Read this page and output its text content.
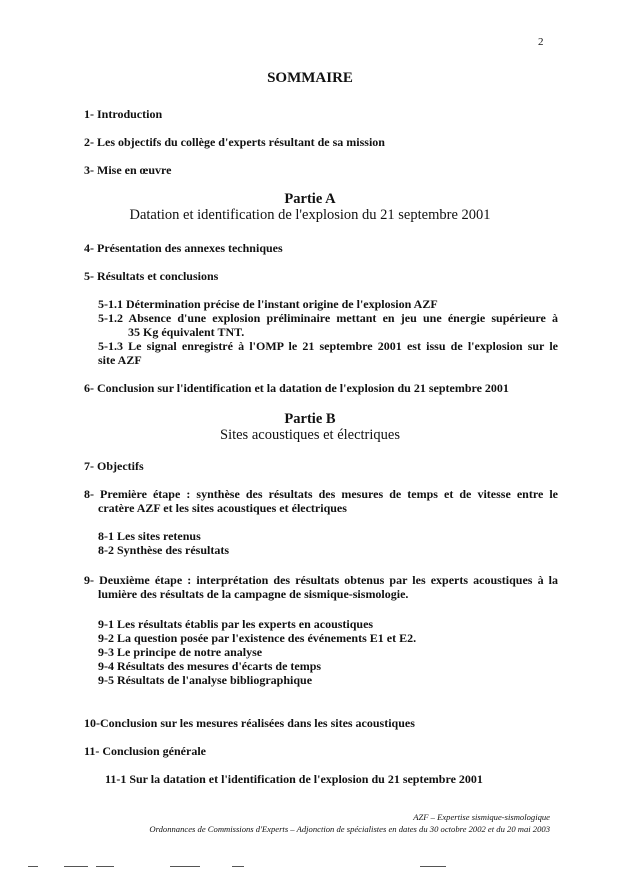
2
SOMMAIRE
1- Introduction
2- Les objectifs du collège d'experts résultant de sa mission
3- Mise en œuvre
Partie A
Datation et identification de l'explosion du 21 septembre 2001
4- Présentation des annexes techniques
5- Résultats et conclusions
5-1.1 Détermination précise de l'instant origine de l'explosion AZF
5-1.2 Absence d'une explosion préliminaire mettant en jeu une énergie supérieure à
35 Kg équivalent TNT.
5-1.3 Le signal enregistré à l'OMP le 21 septembre 2001 est issu de l'explosion sur le
site AZF
6- Conclusion sur l'identification et la datation de l'explosion du 21 septembre 2001
Partie B
Sites acoustiques et électriques
7- Objectifs
8- Première étape : synthèse des résultats des mesures de temps et de vitesse entre le
cratère AZF et les sites acoustiques et électriques
8-1 Les sites retenus
8-2 Synthèse des résultats
9- Deuxième étape : interprétation des résultats obtenus par les experts acoustiques à la
lumière des résultats de la campagne de sismique-sismologie.
9-1 Les résultats établis par les experts en acoustiques
9-2 La question posée par l'existence des événements E1 et E2.
9-3 Le principe de notre analyse
9-4 Résultats des mesures d'écarts de temps
9-5 Résultats de l'analyse bibliographique
10-Conclusion sur les mesures réalisées dans les sites acoustiques
11- Conclusion générale
11-1 Sur la datation et l'identification de l'explosion du 21 septembre 2001
AZF – Expertise sismique-sismologique
Ordonnances de Commissions d'Experts – Adjonction de spécialistes en dates du 30 octobre 2002 et du 20 mai 2003
